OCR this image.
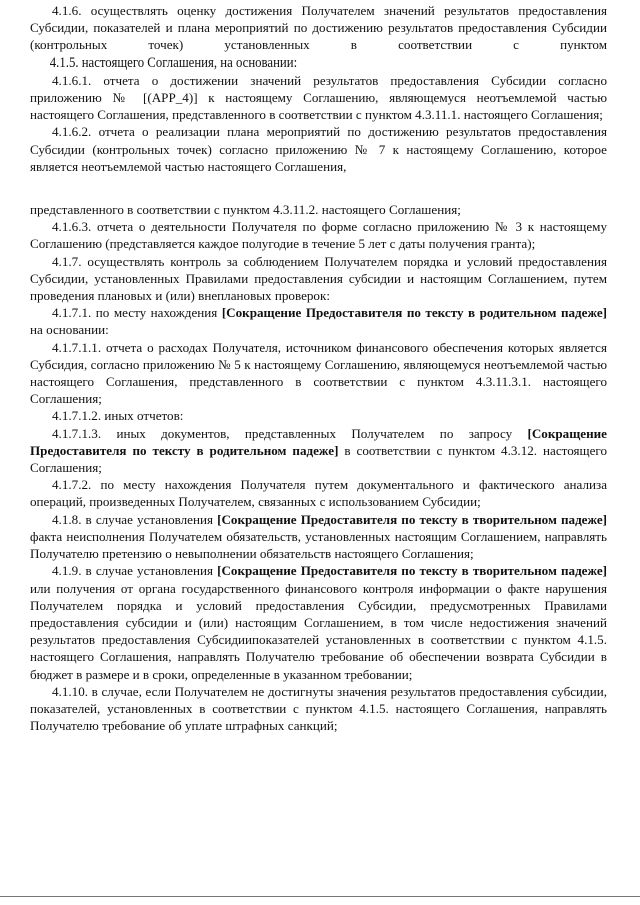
4.1.6. осуществлять оценку достижения Получателем значений результатов предоставления Субсидии, показателей и плана мероприятий по достижению результатов предоставления Субсидии (контрольных точек) установленных в соответствии с пунктом 4.1.5. настоящего Соглашения, на основании:

4.1.6.1. отчета о достижении значений результатов предоставления Субсидии согласно приложению № [(APP_4)] к настоящему Соглашению, являющемуся неотъемлемой частью настоящего Соглашения, представленного в соответствии с пунктом 4.3.11.1. настоящего Соглашения;

4.1.6.2. отчета о реализации плана мероприятий по достижению результатов предоставления Субсидии (контрольных точек) согласно приложению № 7 к настоящему Соглашению, которое является неотъемлемой частью настоящего Соглашения,

представленного в соответствии с пунктом 4.3.11.2. настоящего Соглашения;

4.1.6.3. отчета о деятельности Получателя по форме согласно приложению № 3 к настоящему Соглашению (представляется каждое полугодие в течение 5 лет с даты получения гранта);

4.1.7. осуществлять контроль за соблюдением Получателем порядка и условий предоставления Субсидии, установленных Правилами предоставления субсидии и настоящим Соглашением, путем проведения плановых и (или) внеплановых проверок:

4.1.7.1. по месту нахождения [Сокращение Предоставителя по тексту в родительном падеже] на основании:

4.1.7.1.1. отчета о расходах Получателя, источником финансового обеспечения которых является Субсидия, согласно приложению № 5 к настоящему Соглашению, являющемуся неотъемлемой частью настоящего Соглашения, представленного в соответствии с пунктом 4.3.11.3.1. настоящего Соглашения;

4.1.7.1.2. иных отчетов:

4.1.7.1.3. иных документов, представленных Получателем по запросу [Сокращение Предоставителя по тексту в родительном падеже] в соответствии с пунктом 4.3.12. настоящего Соглашения;

4.1.7.2. по месту нахождения Получателя путем документального и фактического анализа операций, произведенных Получателем, связанных с использованием Субсидии;

4.1.8. в случае установления [Сокращение Предоставителя по тексту в творительном падеже] факта неисполнения Получателем обязательств, установленных настоящим Соглашением, направлять Получателю претензию о невыполнении обязательств настоящего Соглашения;

4.1.9. в случае установления [Сокращение Предоставителя по тексту в творительном падеже] или получения от органа государственного финансового контроля информации о факте нарушения Получателем порядка и условий предоставления Субсидии, предусмотренных Правилами предоставления субсидии и (или) настоящим Соглашением, в том числе недостижения значений результатов предоставления Субсидиипоказателей установленных в соответствии с пунктом 4.1.5. настоящего Соглашения, направлять Получателю требование об обеспечении возврата Субсидии в бюджет в размере и в сроки, определенные в указанном требовании;

4.1.10. в случае, если Получателем не достигнуты значения результатов предоставления субсидии, показателей, установленных в соответствии с пунктом 4.1.5. настоящего Соглашения, направлять Получателю требование об уплате штрафных санкций;
